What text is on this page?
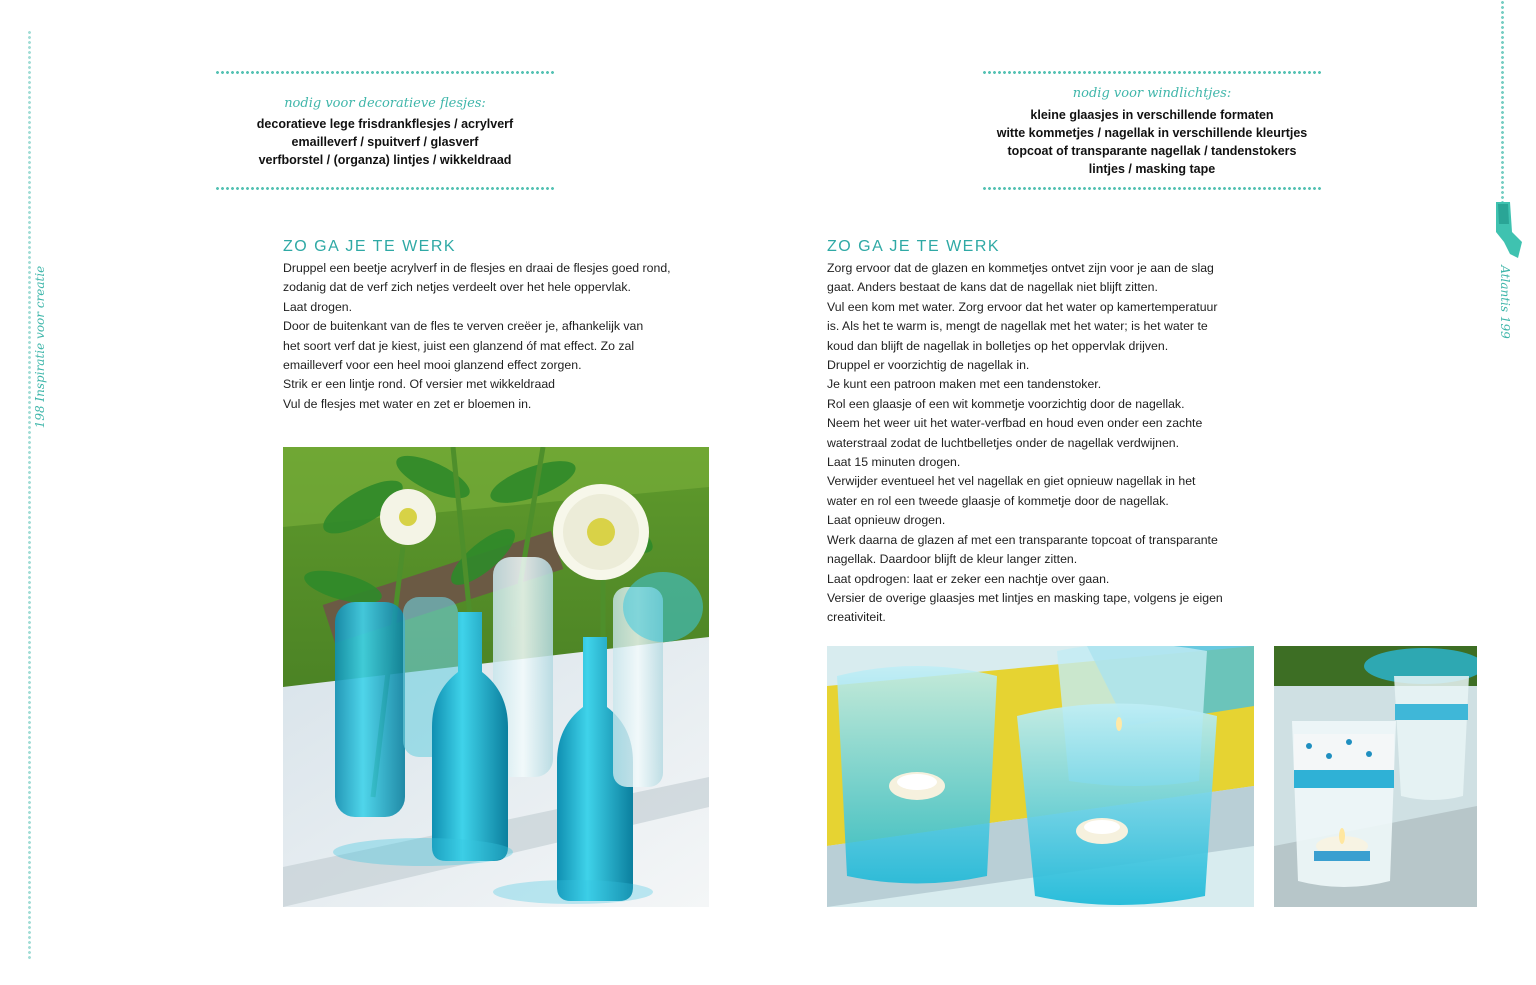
198 Inspiratie voor creatie
nodig voor decoratieve flesjes:
decoratieve lege frisdrankflesjes / acrylverf
emailleverf / spuitverf / glasverf
verfborstel / (organza) lintjes / wikkeldraad
ZO GA JE TE WERK
Druppel een beetje acrylverf in de flesjes en draai de flesjes goed rond,
zodanig dat de verf zich netjes verdeelt over het hele oppervlak.
Laat drogen.
Door de buitenkant van de fles te verven creëer je, afhankelijk van
het soort verf dat je kiest, juist een glanzend óf mat effect. Zo zal
emailleverf voor een heel mooi glanzend effect zorgen.
Strik er een lintje rond. Of versier met wikkeldraad
Vul de flesjes met water en zet er bloemen in.
nodig voor windlichtjes:
kleine glaasjes in verschillende formaten
witte kommetjes / nagellak in verschillende kleurtjes
topcoat of transparante nagellak / tandenstokers
lintjes / masking tape
ZO GA JE TE WERK
Zorg ervoor dat de glazen en kommetjes ontvet zijn voor je aan de slag
gaat. Anders bestaat de kans dat de nagellak niet blijft zitten.
Vul een kom met water. Zorg ervoor dat het water op kamertemperatuur
is. Als het te warm is, mengt de nagellak met het water; is het water te
koud dan blijft de nagellak in bolletjes op het oppervlak drijven.
Druppel er voorzichtig de nagellak in.
Je kunt een patroon maken met een tandenstoker.
Rol een glaasje of een wit kommetje voorzichtig door de nagellak.
Neem het weer uit het water-verfbad en houd even onder een zachte
waterstraal zodat de luchtbelletjes onder de nagellak verdwijnen.
Laat 15 minuten drogen.
Verwijder eventueel het vel nagellak en giet opnieuw nagellak in het
water en rol een tweede glaasje of kommetje door de nagellak.
Laat opnieuw drogen.
Werk daarna de glazen af met een transparante topcoat of transparante
nagellak. Daardoor blijft de kleur langer zitten.
Laat opdrogen: laat er zeker een nachtje over gaan.
Versier de overige glaasjes met lintjes en masking tape, volgens je eigen
creativiteit.
Atlantis 199
